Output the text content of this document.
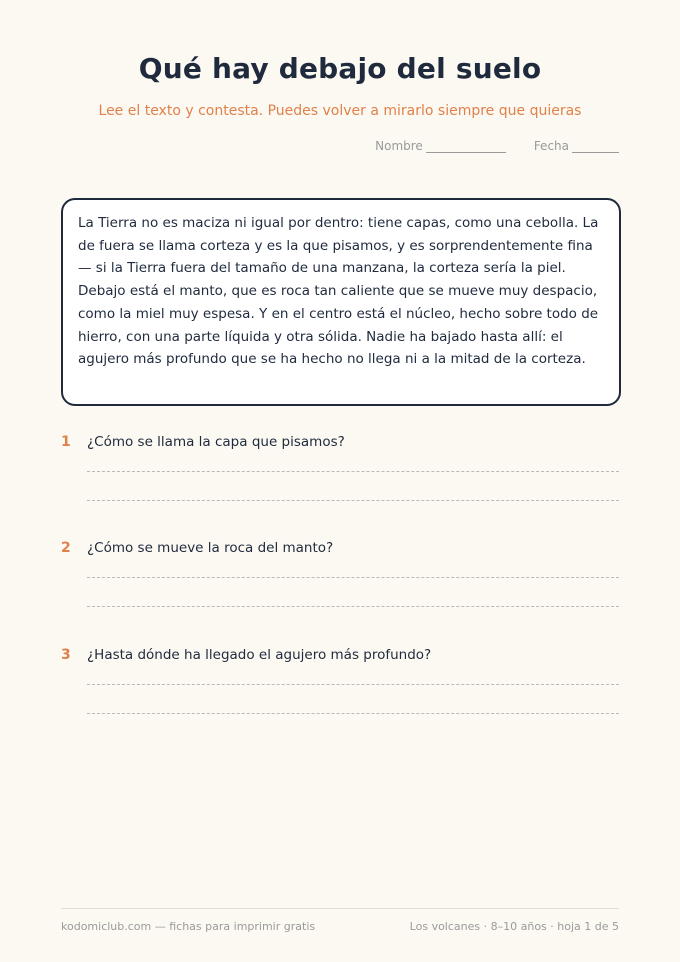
Qué hay debajo del suelo
Lee el texto y contesta. Puedes volver a mirarlo siempre que quieras
Nombre	Fecha
La Tierra no es maciza ni igual por dentro: tiene capas, como una cebolla. La de fuera se llama corteza y es la que pisamos, y es sorprendentemente fina — si la Tierra fuera del tamaño de una manzana, la corteza sería la piel. Debajo está el manto, que es roca tan caliente que se mueve muy despacio, como la miel muy espesa. Y en el centro está el núcleo, hecho sobre todo de hierro, con una parte líquida y otra sólida. Nadie ha bajado hasta allí: el agujero más profundo que se ha hecho no llega ni a la mitad de la corteza.
1	¿Cómo se llama la capa que pisamos?
2	¿Cómo se mueve la roca del manto?
3	¿Hasta dónde ha llegado el agujero más profundo?
kodomiclub.com — fichas para imprimir gratis	Los volcanes · 8–10 años · hoja 1 de 5
